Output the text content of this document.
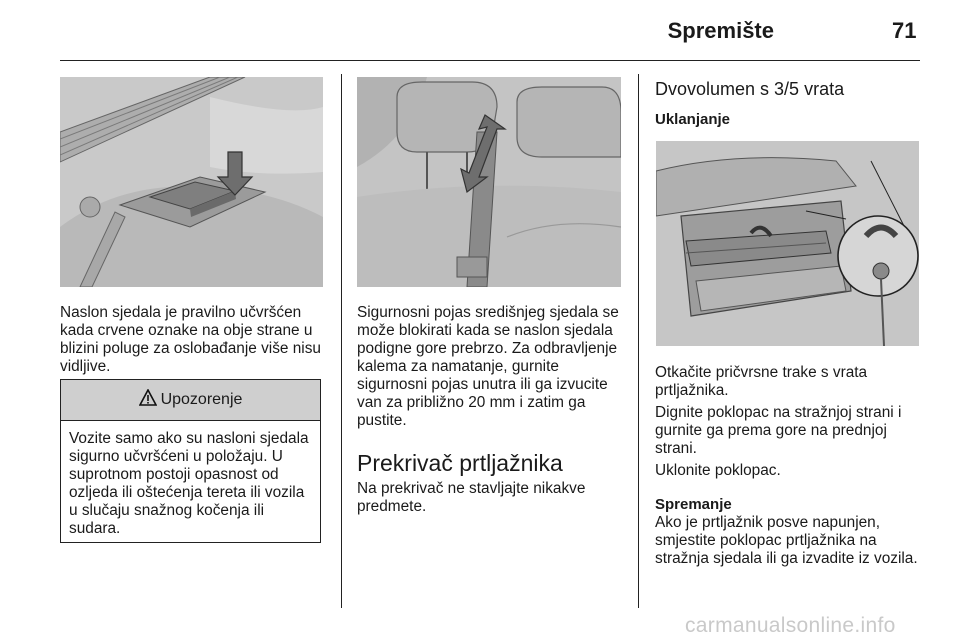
Spremište	71

Naslon sjedala je pravilno učvršćen kada crvene oznake na obje strane u blizini poluge za oslobađanje više nisu vidljive.

Upozorenje

Vozite samo ako su nasloni sjedala sigurno učvršćeni u položaju. U suprotnom postoji opasnost od ozljeda ili oštećenja tereta ili vozila u slučaju snažnog kočenja ili sudara.

Sigurnosni pojas središnjeg sjedala se može blokirati kada se naslon sjedala podigne gore prebrzo. Za odbravljenje kalema za namatanje, gurnite sigurnosni pojas unutra ili ga izvucite van za približno 20 mm i zatim ga pustite.

Prekrivač prtljažnika

Na prekrivač ne stavljajte nikakve predmete.

Dvovolumen s 3/5 vrata
Uklanjanje

Otkačite pričvrsne trake s vrata prtljažnika.

Dignite poklopac na stražnjoj strani i gurnite ga prema gore na prednjoj strani.

Uklonite poklopac.

Spremanje

Ako je prtljažnik posve napunjen, smjestite poklopac prtljažnika na stražnja sjedala ili ga izvadite iz vozila.

carmanualsonline.info
